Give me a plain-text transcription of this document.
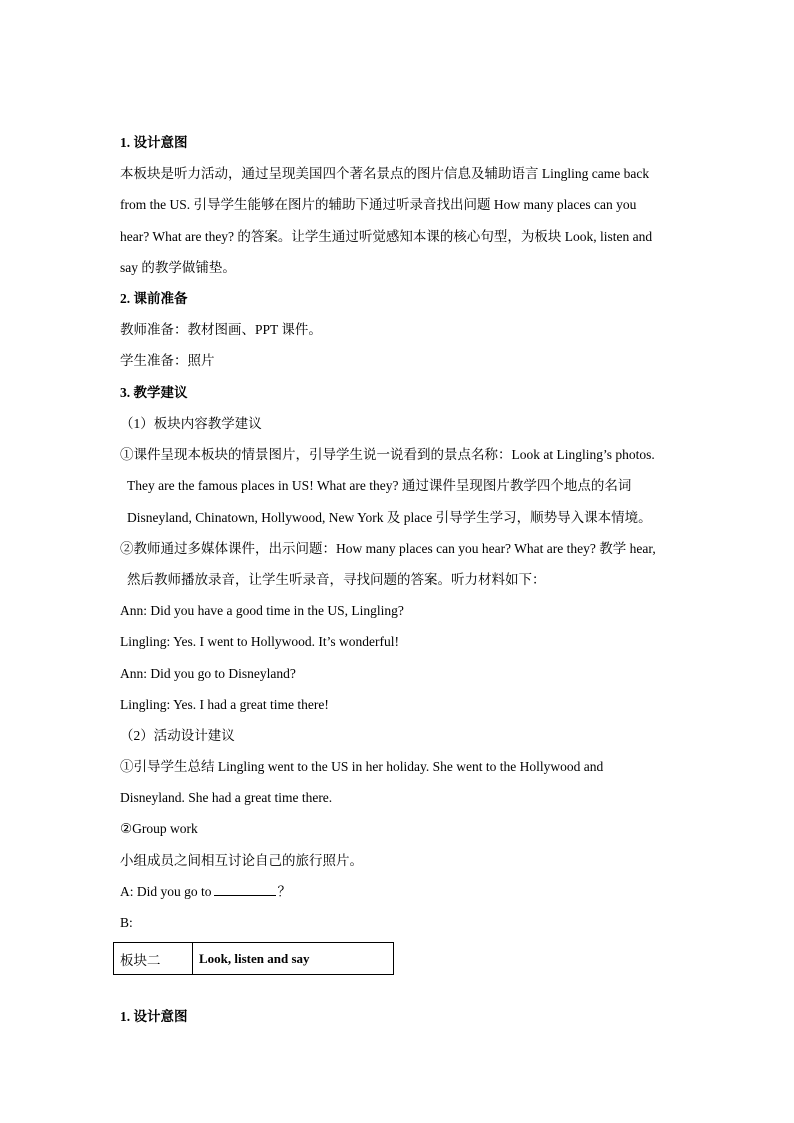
1. 设计意图
本板块是听力活动，通过呈现美国四个著名景点的图片信息及辅助语言 Lingling came back
from the US. 引导学生能够在图片的辅助下通过听录音找出问题 How many places can you
hear? What are they? 的答案。让学生通过听觉感知本课的核心句型，为板块 Look, listen and
say 的教学做铺垫。
2. 课前准备
教师准备：教材图画、PPT 课件。
学生准备：照片
3. 教学建议
（1）板块内容教学建议
①课件呈现本板块的情景图片，引导学生说一说看到的景点名称：Look at Lingling’s photos.
They are the famous places in US! What are they? 通过课件呈现图片教学四个地点的名词
Disneyland, Chinatown, Hollywood, New York 及 place 引导学生学习，顺势导入课本情境。
②教师通过多媒体课件，出示问题：How many places can you hear? What are they? 教学 hear,
然后教师播放录音，让学生听录音，寻找问题的答案。听力材料如下：
Ann: Did you have a good time in the US, Lingling?
Lingling: Yes. I went to Hollywood. It’s wonderful!
Ann: Did you go to Disneyland?
Lingling: Yes. I had a great time there!
（2）活动设计建议
①引导学生总结 Lingling went to the US in her holiday. She went to the Hollywood and
Disneyland. She had a great time there.
②Group work
小组成员之间相互讨论自己的旅行照片。
A: Did you go to	？
B:
板块二	Look, listen and say
1. 设计意图
